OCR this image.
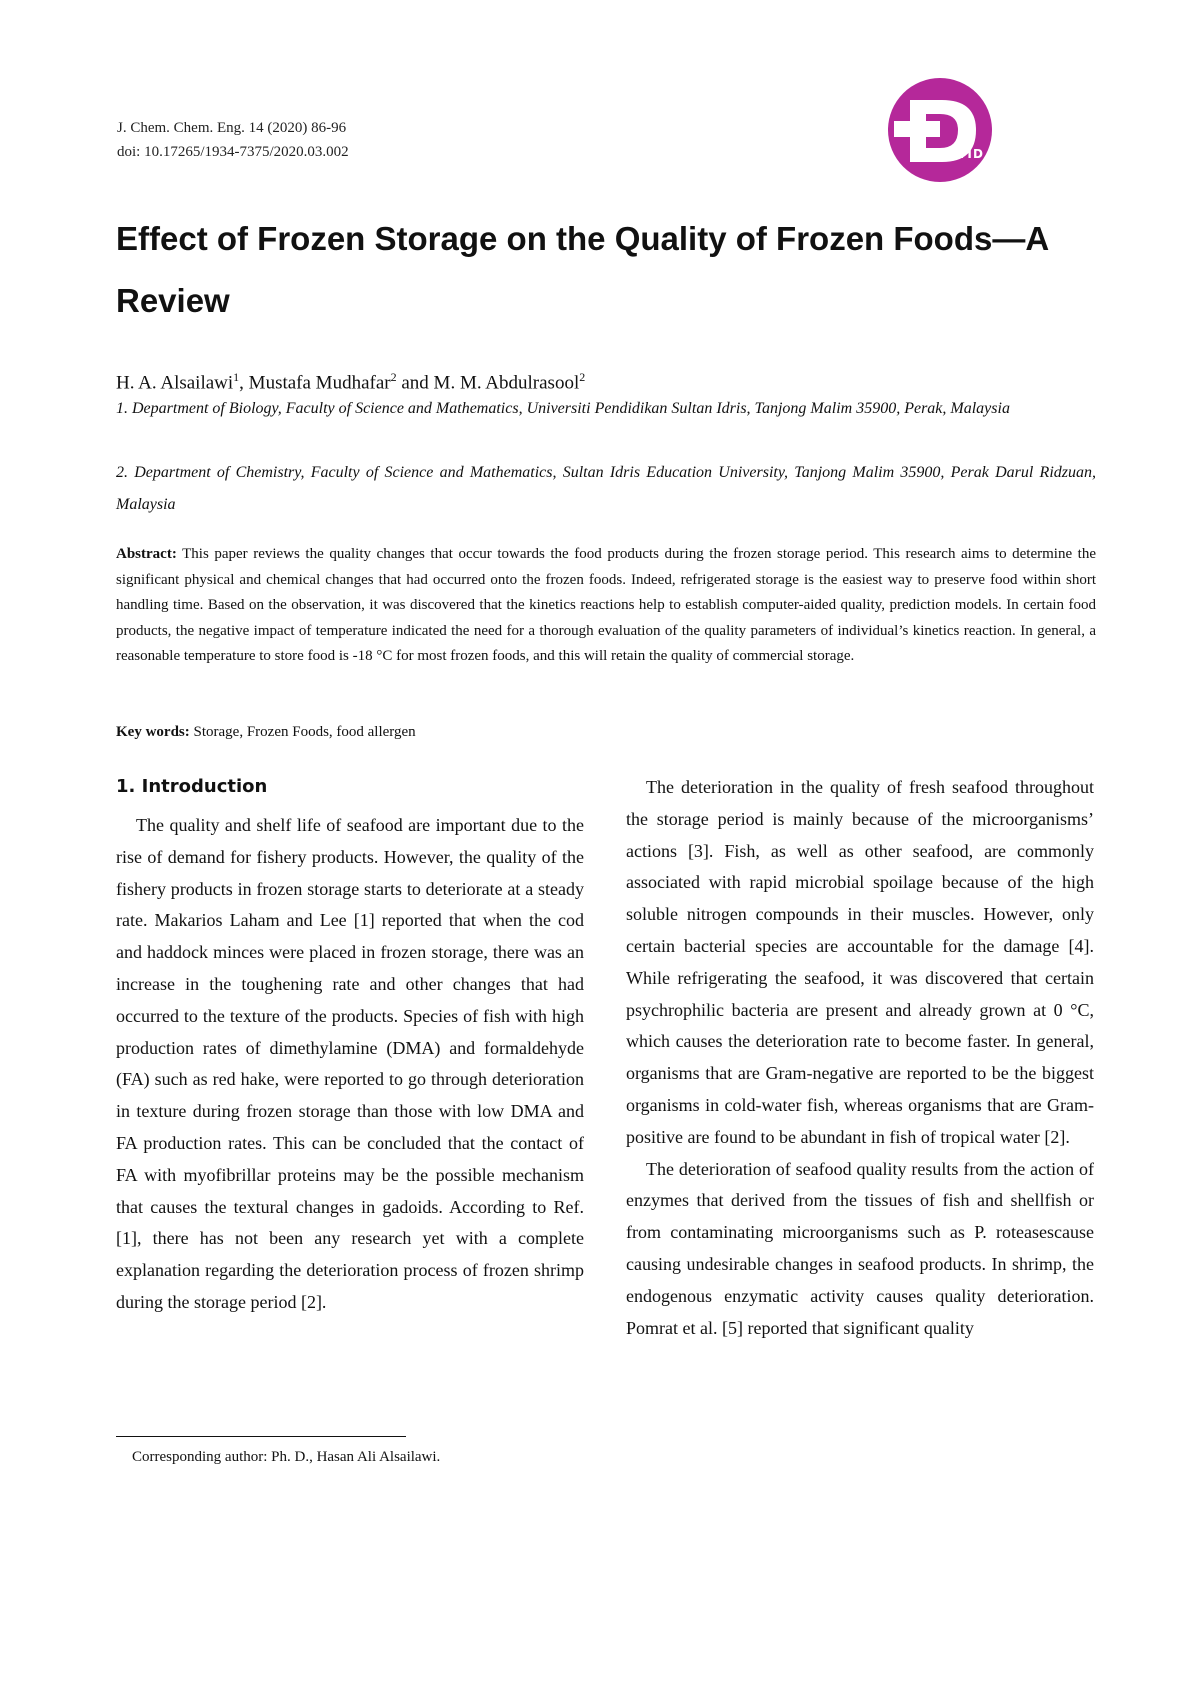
J. Chem. Chem. Eng. 14 (2020) 86-96
doi: 10.17265/1934-7375/2020.03.002	DAVID
Effect of Frozen Storage on the Quality of Frozen Foods—A Review
H. A. Alsailawi$^1$, Mustafa Mudhafar$^2$ and M. M. Abdulrasool$^2$
1. Department of Biology, Faculty of Science and Mathematics, Universiti Pendidikan Sultan Idris, Tanjong Malim 35900, Perak, Malaysia
2. Department of Chemistry, Faculty of Science and Mathematics, Sultan Idris Education University, Tanjong Malim 35900, Perak Darul Ridzuan, Malaysia
Abstract: This paper reviews the quality changes that occur towards the food products during the frozen storage period. This research aims to determine the significant physical and chemical changes that had occurred onto the frozen foods. Indeed, refrigerated storage is the easiest way to preserve food within short handling time. Based on the observation, it was discovered that the kinetics reactions help to establish computer-aided quality, prediction models. In certain food products, the negative impact of temperature indicated the need for a thorough evaluation of the quality parameters of individual’s kinetics reaction. In general, a reasonable temperature to store food is -18 °C for most frozen foods, and this will retain the quality of commercial storage.
Key words: Storage, Frozen Foods, food allergen
1. Introduction

The quality and shelf life of seafood are important due to the rise of demand for fishery products. However, the quality of the fishery products in frozen storage starts to deteriorate at a steady rate. Makarios Laham and Lee [1] reported that when the cod and haddock minces were placed in frozen storage, there was an increase in the toughening rate and other changes that had occurred to the texture of the products. Species of fish with high production rates of dimethylamine (DMA) and formaldehyde (FA) such as red hake, were reported to go through deterioration in texture during frozen storage than those with low DMA and FA production rates. This can be concluded that the contact of FA with myofibrillar proteins may be the possible mechanism that causes the textural changes in gadoids. According to Ref. [1], there has not been any research yet with a complete explanation regarding the deterioration process of frozen shrimp during the storage period [2].

The deterioration in the quality of fresh seafood throughout the storage period is mainly because of the microorganisms’ actions [3]. Fish, as well as other seafood, are commonly associated with rapid microbial spoilage because of the high soluble nitrogen compounds in their muscles. However, only certain bacterial species are accountable for the damage [4]. While refrigerating the seafood, it was discovered that certain psychrophilic bacteria are present and already grown at 0 °C, which causes the deterioration rate to become faster. In general, organisms that are Gram-negative are reported to be the biggest organisms in cold-water fish, whereas organisms that are Gram-positive are found to be abundant in fish of tropical water [2].

The deterioration of seafood quality results from the action of enzymes that derived from the tissues of fish and shellfish or from contaminating microorganisms such as P. roteasescause causing undesirable changes in seafood products. In shrimp, the endogenous enzymatic activity causes quality deterioration. Pomrat et al. [5] reported that significant quality

Corresponding author: Ph. D., Hasan Ali Alsailawi.
